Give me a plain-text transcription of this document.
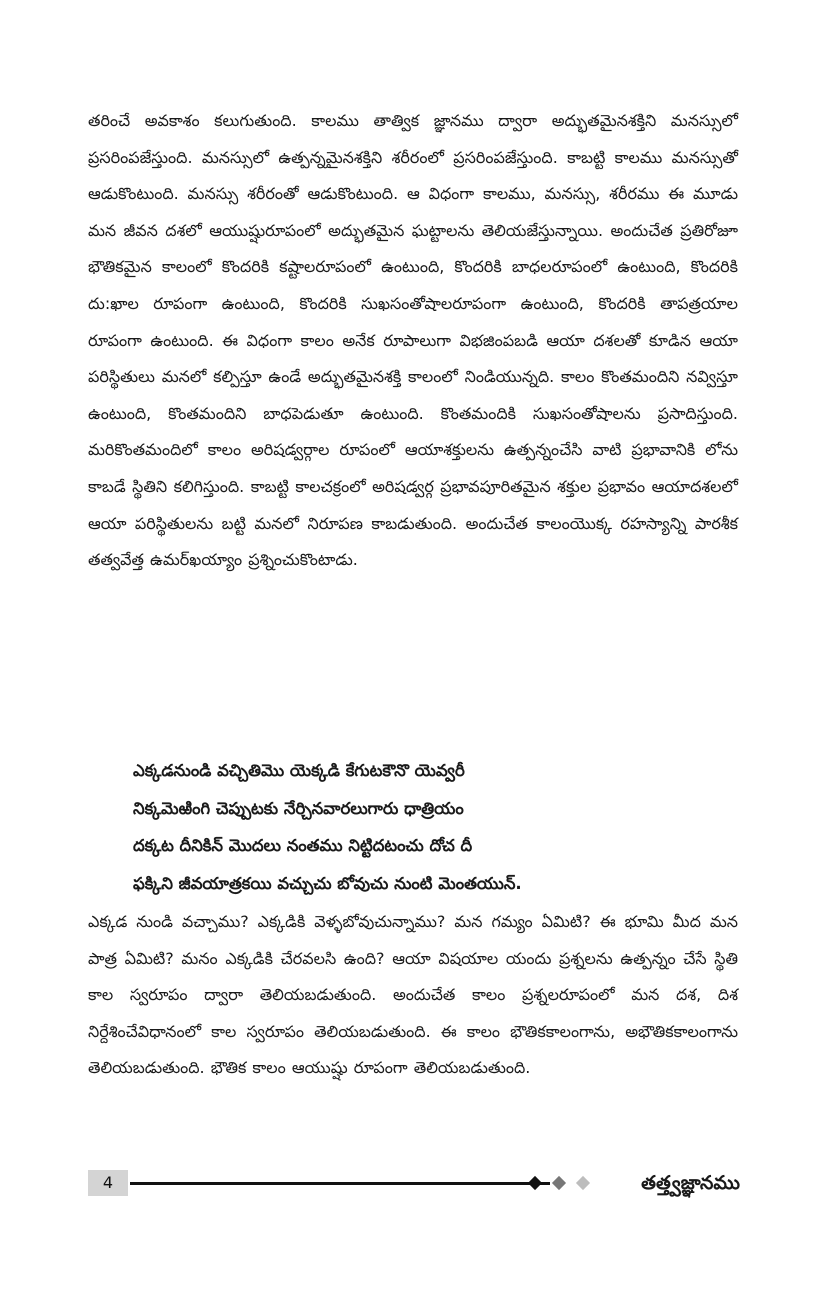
తరించే అవకాశం కలుగుతుంది. కాలము తాత్విక జ్ఞానము ద్వారా అద్భుతమైనశక్తిని మనస్సులో ప్రసరింపజేస్తుంది. మనస్సులో ఉత్పన్నమైనశక్తిని శరీరంలో ప్రసరింపజేస్తుంది. కాబట్టి కాలము మనస్సుతో ఆడుకొంటుంది. మనస్సు శరీరంతో ఆడుకొంటుంది. ఆ విధంగా కాలము, మనస్సు, శరీరము ఈ మూడు మన జీవన దశలో ఆయుష్షురూపంలో అద్భుతమైన ఘట్టాలను తెలియజేస్తున్నాయి. అందుచేత ప్రతిరోజూ భౌతికమైన కాలంలో కొందరికి కష్టాలరూపంలో ఉంటుంది, కొందరికి బాధలరూపంలో ఉంటుంది, కొందరికి దు:ఖాల రూపంగా ఉంటుంది, కొందరికి సుఖసంతోషాలరూపంగా ఉంటుంది, కొందరికి తాపత్రయాల రూపంగా ఉంటుంది. ఈ విధంగా కాలం అనేక రూపాలుగా విభజింపబడి ఆయా దశలతో కూడిన ఆయా పరిస్థితులు మనలో కల్పిస్తూ ఉండే అద్భుతమైనశక్తి కాలంలో నిండియున్నది. కాలం కొంతమందిని నవ్విస్తూ ఉంటుంది, కొంతమందిని బాధపెడుతూ ఉంటుంది. కొంతమందికి సుఖసంతోషాలను ప్రసాదిస్తుంది. మరికొంతమందిలో కాలం అరిషడ్వర్గాల రూపంలో ఆయాశక్తులను ఉత్పన్నంచేసి వాటి ప్రభావానికి లోను కాబడే స్థితిని కలిగిస్తుంది. కాబట్టి కాలచక్రంలో అరిషడ్వర్గ ప్రభావపూరితమైన శక్తుల ప్రభావం ఆయాదశలలో ఆయా పరిస్థితులను బట్టి మనలో నిరూపణ కాబడుతుంది. అందుచేత కాలంయొక్క రహస్యాన్ని పారశీక తత్వవేత్త ఉమర్‌ఖయ్యాం ప్రశ్నించుకొంటాడు.

ఎక్కడనుండి వచ్చితిమొ యెక్కడి కేగుటకౌనొ యెవ్వరీ
నిక్కమెఱింగి చెప్పుటకు నేర్చినవారలుగారు ధాత్రియం
దక్కట దీనికిన్ మొదలు నంతము నిట్టిదటంచు దోచ దీ
ఫక్కిని జీవయాత్రకయి వచ్చుచు బోవుచు నుంటి మెంతయున్.

ఎక్కడ నుండి వచ్చాము? ఎక్కడికి వెళ్ళబోవుచున్నాము? మన గమ్యం ఏమిటి? ఈ భూమి మీద మన పాత్ర ఏమిటి? మనం ఎక్కడికి చేరవలసి ఉంది? ఆయా విషయాల యందు ప్రశ్నలను ఉత్పన్నం చేసే స్థితి కాల స్వరూపం ద్వారా తెలియబడుతుంది. అందుచేత కాలం ప్రశ్నలరూపంలో మన దశ, దిశ నిర్దేశించేవిధానంలో కాల స్వరూపం తెలియబడుతుంది. ఈ కాలం భౌతికకాలంగాను, అభౌతికకాలంగాను తెలియబడుతుంది. భౌతిక కాలం ఆయుష్షు రూపంగా తెలియబడుతుంది.

4	తత్త్వజ్ఞానము
